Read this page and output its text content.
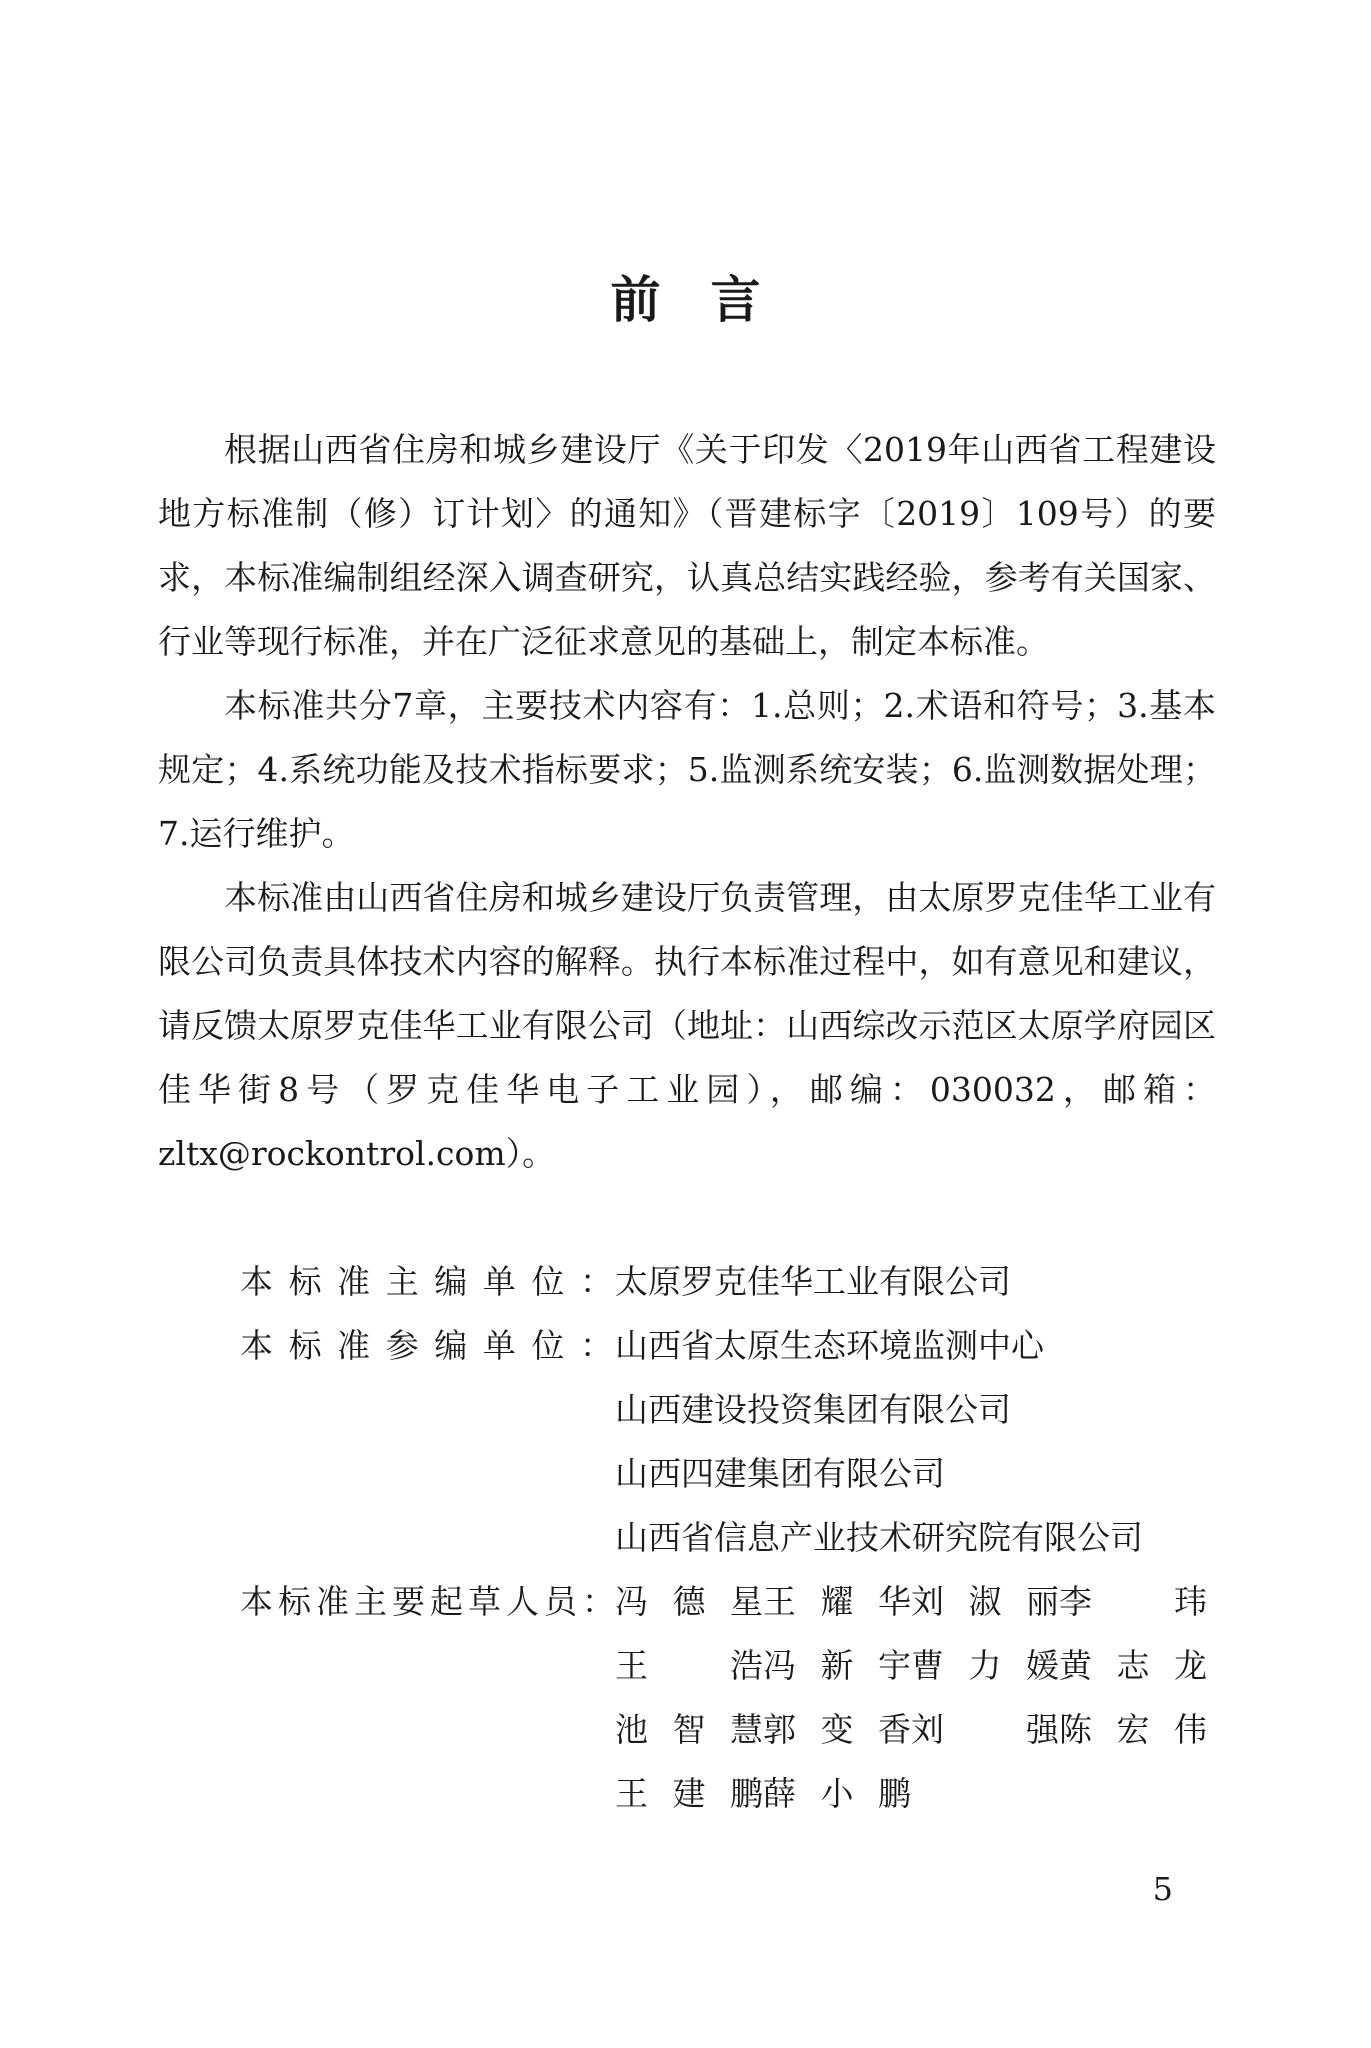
前言

根据山西省住房和城乡建设厅《关于印发〈2019年山西省工程建设地方标准制（修）订计划〉的通知》（晋建标字〔2019〕109号）的要求，本标准编制组经深入调查研究，认真总结实践经验，参考有关国家、行业等现行标准，并在广泛征求意见的基础上，制定本标准。

本标准共分7章，主要技术内容有：1.总则；2.术语和符号；3.基本规定；4.系统功能及技术指标要求；5.监测系统安装；6.监测数据处理；7.运行维护。

本标准由山西省住房和城乡建设厅负责管理，由太原罗克佳华工业有限公司负责具体技术内容的解释。执行本标准过程中，如有意见和建议，请反馈太原罗克佳华工业有限公司（地址：山西综改示范区太原学府园区佳华街8号（罗克佳华电子工业园），邮编：030032，邮箱：zltx@rockontrol.com）。

本标准主编单位： 太原罗克佳华工业有限公司
本标准参编单位： 山西省太原生态环境监测中心
山西建设投资集团有限公司
山西四建集团有限公司
山西省信息产业技术研究院有限公司
本标准主要起草人员： 冯德星 王耀华 刘淑丽 李　玮
王　浩 冯新宇 曹力媛 黄志龙
池智慧 郭变香 刘　强 陈宏伟
王建鹏 薛小鹏
5
